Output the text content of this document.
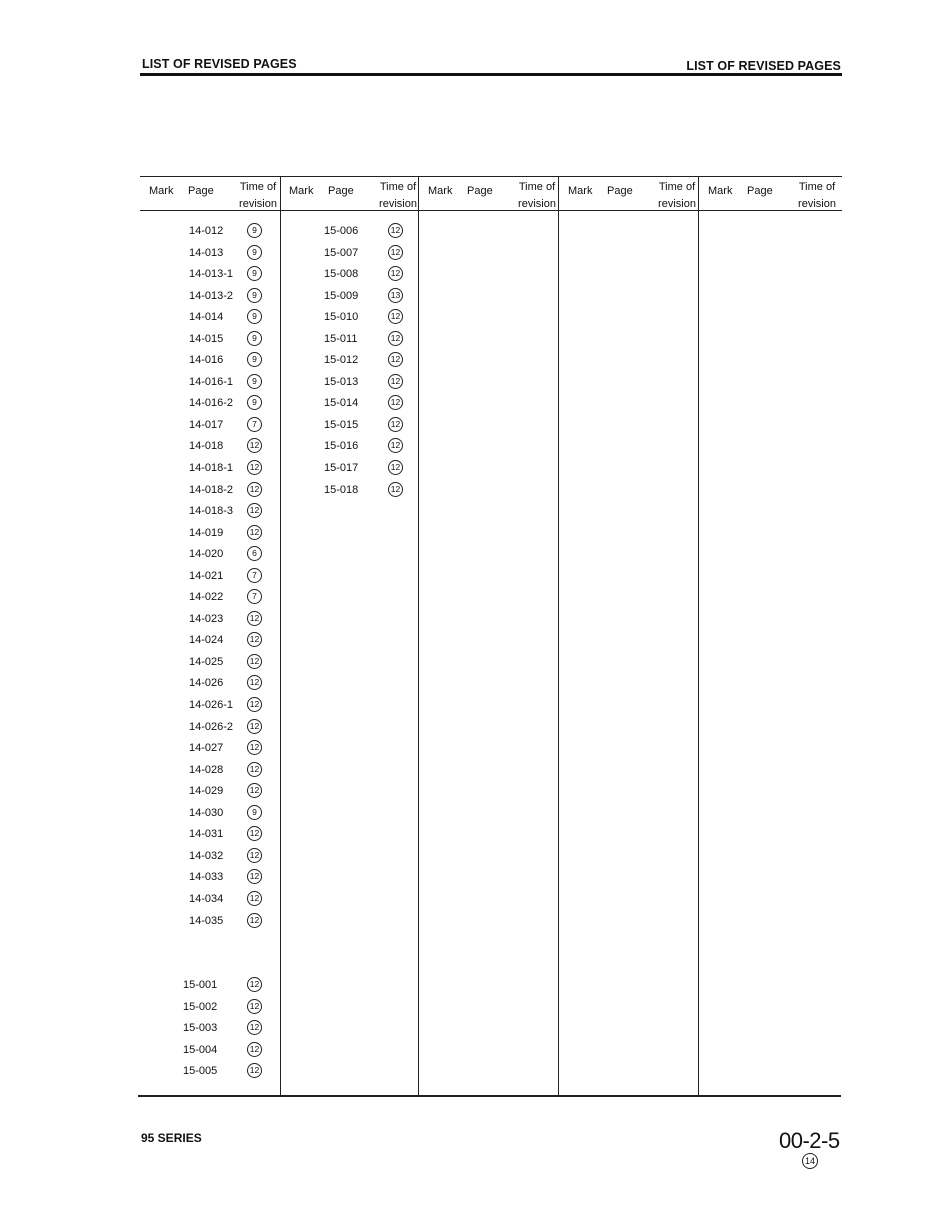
LIST OF REVISED PAGES	LIST OF REVISED PAGES
Mark Page	Time of
revision
Mark Page	Time of
revision
Mark Page	Time of
revision
Mark Page	Time of
revision
Mark Page	Time of
revision
14-012	9
14-013	9
14-013-1	9
14-013-2	9
14-014	9
14-015	9
14-016	9
14-016-1	9
14-016-2	9
14-017	7
14-018	12
14-018-1	12
14-018-2	12
14-018-3	12
14-019	12
14-020	6
14-021	7
14-022	7
14-023	12
14-024	12
14-025	12
14-026	12
14-026-1	12
14-026-2	12
14-027	12
14-028	12
14-029	12
14-030	9
14-031	12
14-032	12
14-033	12
14-034	12
14-035	12
15-001	12
15-002	12
15-003	12
15-004	12
15-005	12
15-006	12
15-007	12
15-008	12
15-009	13
15-010	12
15-011	12
15-012	12
15-013	12
15-014	12
15-015	12
15-016	12
15-017	12
15-018	12
95 SERIES	00-2-5
14
